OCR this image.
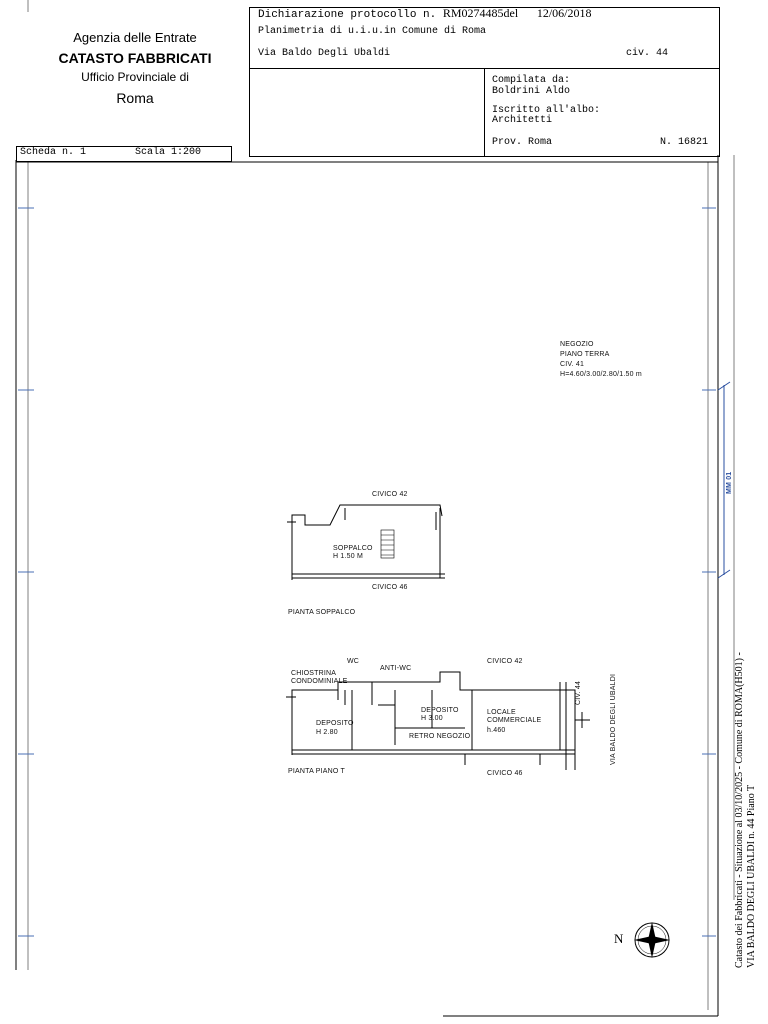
Agenzia delle Entrate
CATASTO FABBRICATI
Ufficio Provinciale di
Roma
Dichiarazione protocollo n. RM0274485del 12/06/2018
Planimetria di u.i.u.in Comune di Roma
Via Baldo Degli Ubaldi	civ. 44
Compilata da:
Boldrini Aldo
Iscritto all'albo:
Architetti
Prov. Roma	N. 16821
Scheda n. 1	Scala 1:200
NEGOZIO
PIANO TERRA
CIV. 41
H=4.60/3.00/2.80/1.50 m
CIVICO 42
SOPPALCO
H 1.50 M
CIVICO 46
PIANTA SOPPALCO
CHIOSTRINA
CONDOMINIALE
WC
ANTI-WC
CIVICO 42
DEPOSITO
H 2.80
DEPOSITO
H 3.00
LOCALE
COMMERCIALE
h.460
RETRO NEGOZIO
CIVICO 46
PIANTA PIANO T
CIV. 44	VIA BALDO DEGLI UBALDI
N
MM 01
Catasto dei Fabbricati - Situazione al 03/10/2025 - Comune di ROMA(H501) - VIA BALDO DEGLI UBALDI n. 44 Piano T
